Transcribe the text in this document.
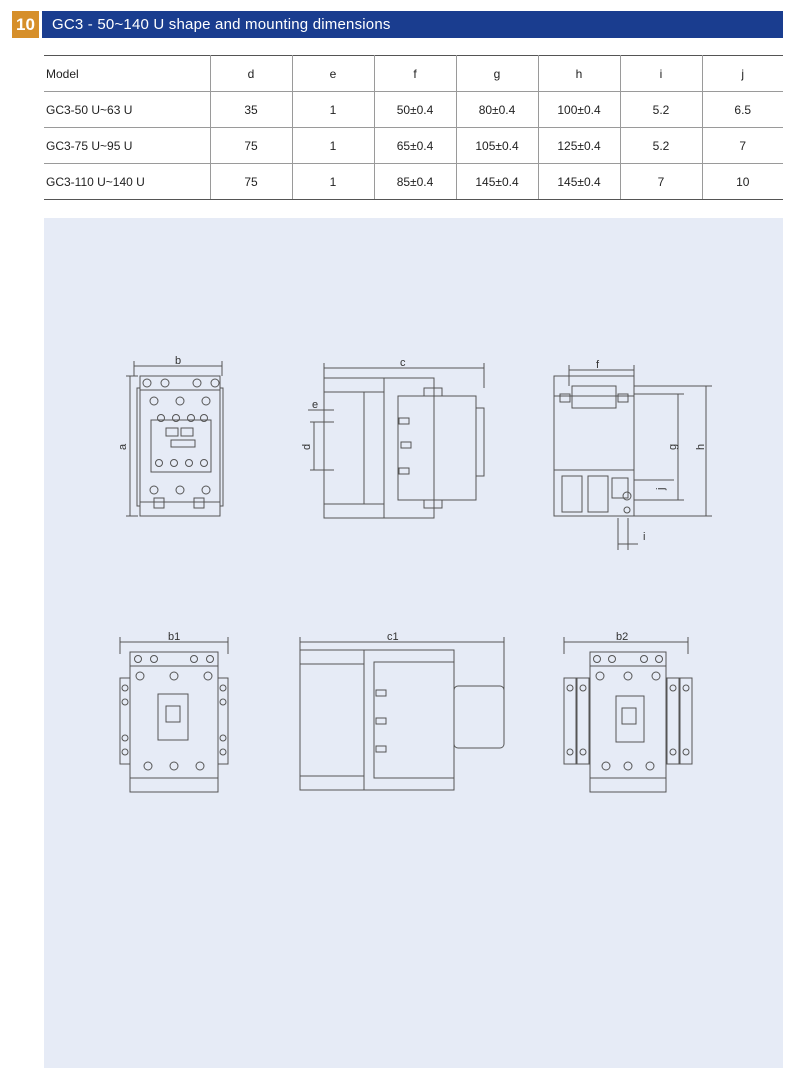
10	GC3 - 50~140 U shape and mounting dimensions
Model	d	e	f	g	h	i	j
GC3-50 U~63 U	35	1	50±0.4	80±0.4	100±0.4	5.2	6.5
GC3-75 U~95 U	75	1	65±0.4	105±0.4	125±0.4	5.2	7
GC3-110 U~140 U	75	1	85±0.4	145±0.4	145±0.4	7	10
b
a
c
e
d
f
g h
j
i
b1	c1	b2
